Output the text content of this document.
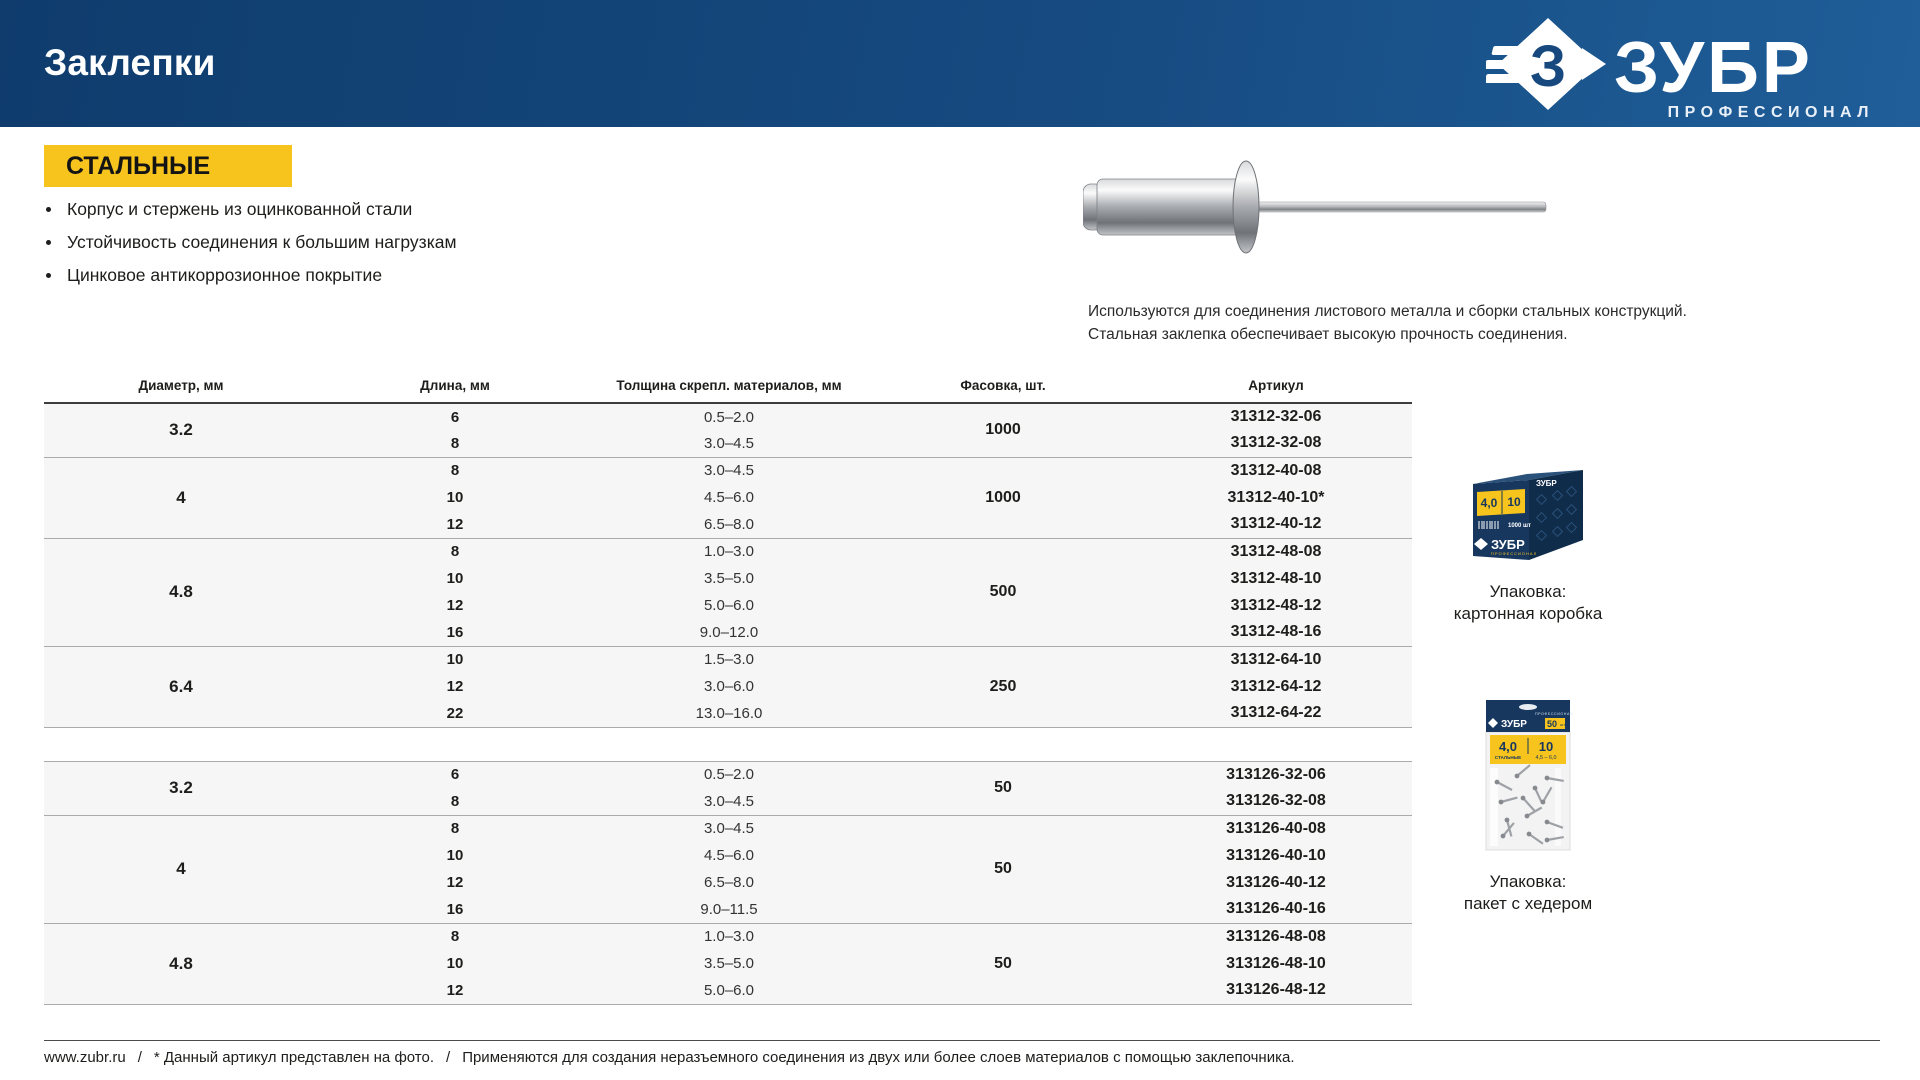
Заклепки	З ЗУБР
ПРОФЕССИОНАЛ
СТАЛЬНЫЕ
Корпус и стержень из оцинкованной стали
Устойчивость соединения к большим нагрузкам
Цинковое антикоррозионное покрытие
Используются для соединения листового металла и сборки стальных конструкций.
Стальная заклепка обеспечивает высокую прочность соединения.
Диаметр, мм	Длина, мм	Толщина скрепл. материалов, мм	Фасовка, шт.	Артикул
3.2	6	0.5–2.0	1000	31312-32-06
	8	3.0–4.5		31312-32-08
4	8	3.0–4.5	1000	31312-40-08
	10	4.5–6.0		31312-40-10*
	12	6.5–8.0		31312-40-12
4.8	8	1.0–3.0	500	31312-48-08
	10	3.5–5.0		31312-48-10
	12	5.0–6.0		31312-48-12
	16	9.0–12.0		31312-48-16
6.4	10	1.5–3.0	250	31312-64-10
	12	3.0–6.0		31312-64-12
	22	13.0–16.0		31312-64-22
3.2	6	0.5–2.0	50	313126-32-06
	8	3.0–4.5		313126-32-08
4	8	3.0–4.5	50	313126-40-08
	10	4.5–6.0		313126-40-10
	12	6.5–8.0		313126-40-12
	16	9.0–11.5		313126-40-16
4.8	8	1.0–3.0	50	313126-48-08
	10	3.5–5.0		313126-48-10
	12	5.0–6.0		313126-48-12
4,0 10
1000 шт
ЗУБР
ПРОФЕССИОНАЛ
ЗУБР
Упаковка:
картонная коробка
ЗУБР
ПРОФЕССИОНАЛ
50 шт
4,0 10
СТАЛЬНЫЕ	4,5 – 6,0
Упаковка:
пакет с хедером
www.zubr.ru / * Данный артикул представлен на фото. / Применяются для создания неразъемного соединения из двух или более слоев материалов с помощью заклепочника.
